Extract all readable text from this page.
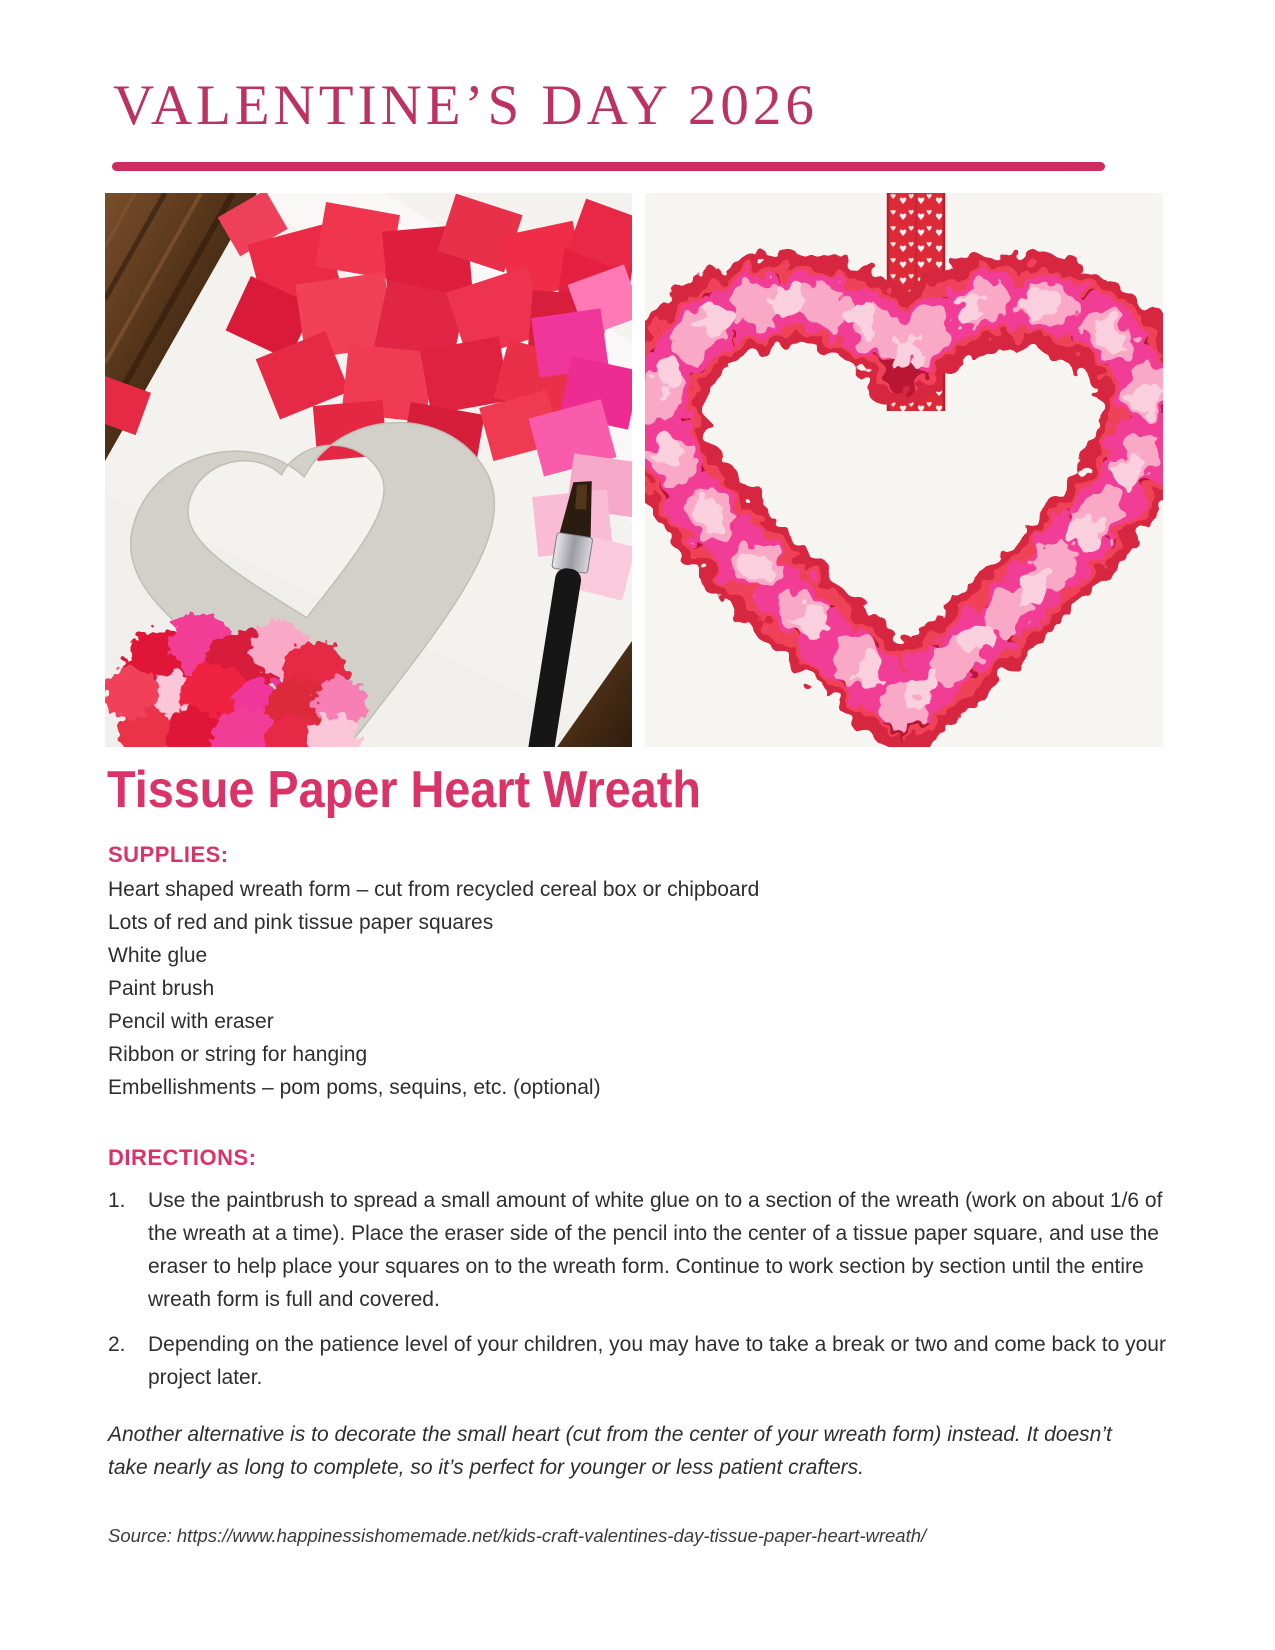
VALENTINE’S DAY 2026
Tissue Paper Heart Wreath
SUPPLIES:
Heart shaped wreath form – cut from recycled cereal box or chipboard
Lots of red and pink tissue paper squares
White glue
Paint brush
Pencil with eraser
Ribbon or string for hanging
Embellishments – pom poms, sequins, etc. (optional)
DIRECTIONS:
1.	Use the paintbrush to spread a small amount of white glue on to a section of the wreath (work on about 1/6 of the wreath at a time). Place the eraser side of the pencil into the center of a tissue paper square, and use the eraser to help place your squares on to the wreath form. Continue to work section by section until the entire wreath form is full and covered.
2.	Depending on the patience level of your children, you may have to take a break or two and come back to your project later.
Another alternative is to decorate the small heart (cut from the center of your wreath form) instead. It doesn’t take nearly as long to complete, so it’s perfect for younger or less patient crafters.
Source: https://www.happinessishomemade.net/kids-craft-valentines-day-tissue-paper-heart-wreath/
